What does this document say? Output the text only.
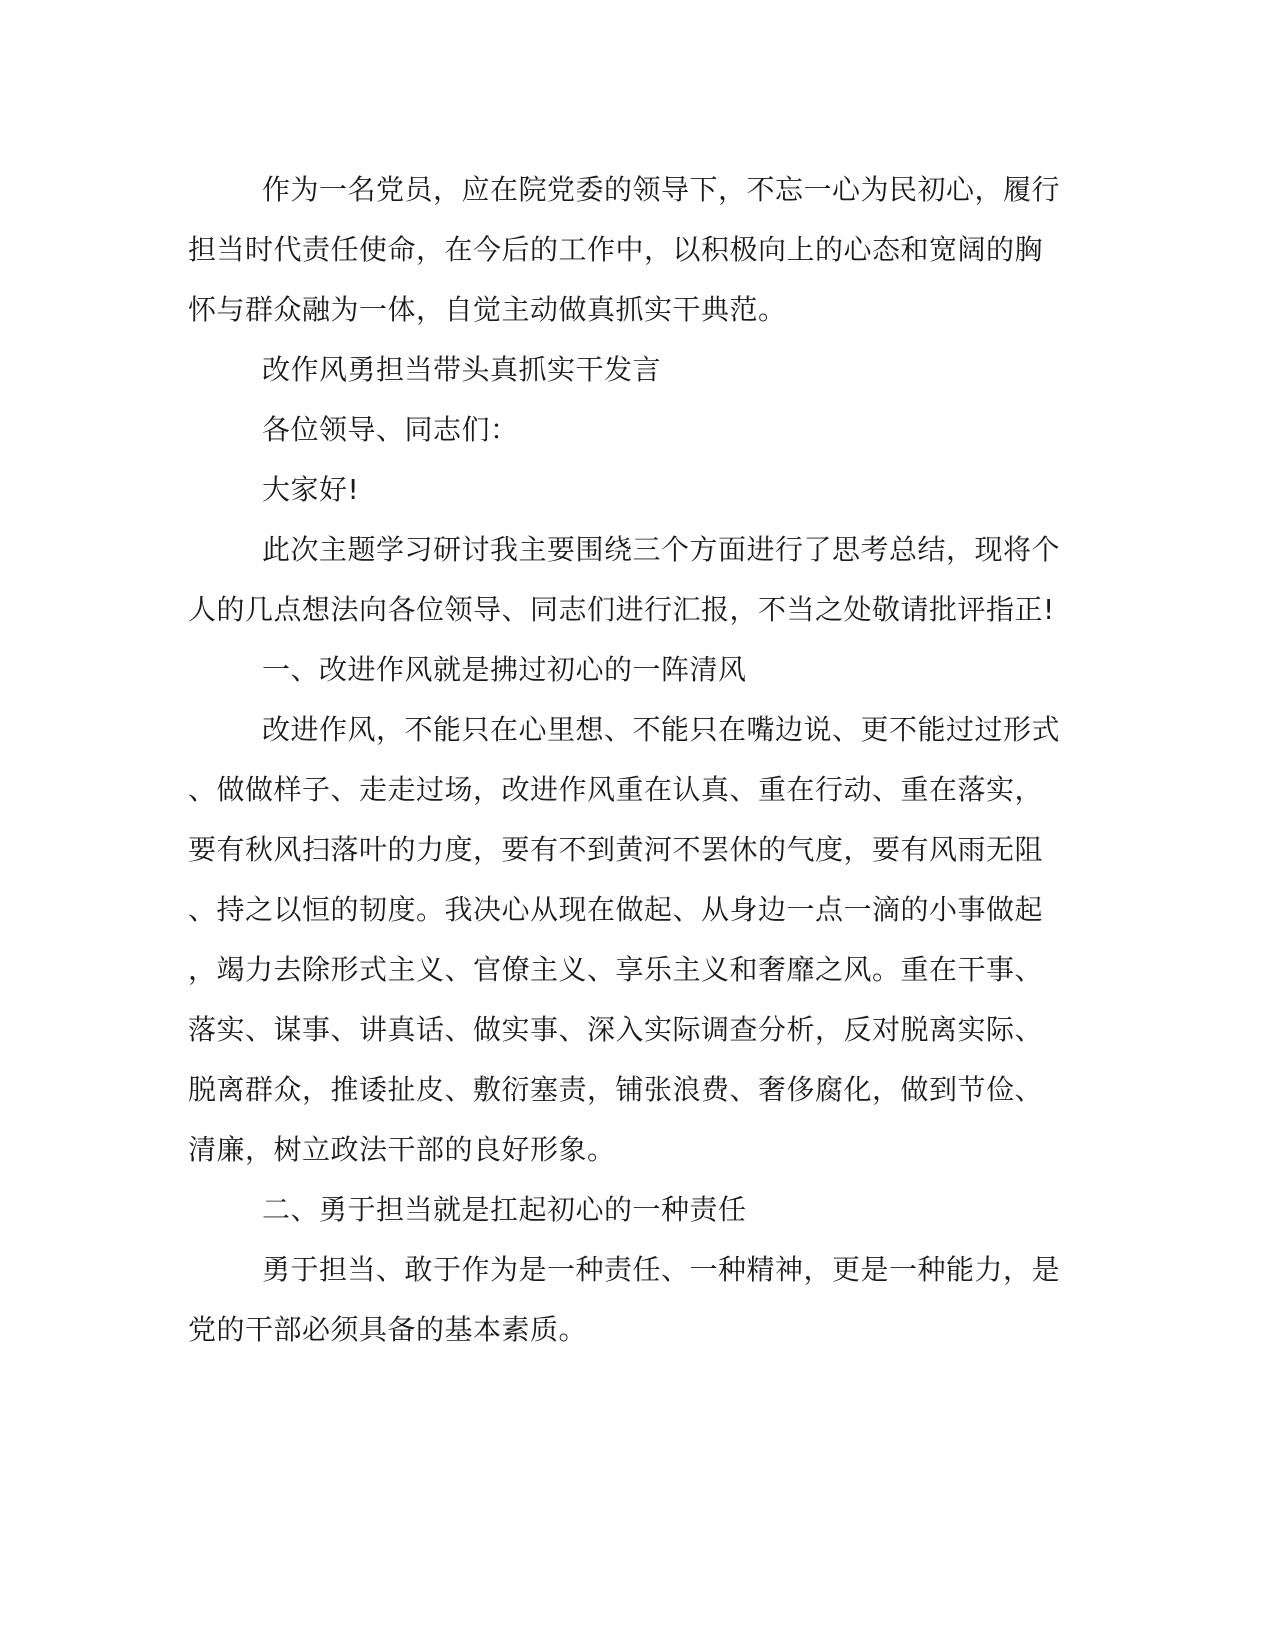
作为一名党员，应在院党委的领导下，不忘一心为民初心，履行
担当时代责任使命，在今后的工作中，以积极向上的心态和宽阔的胸
怀与群众融为一体，自觉主动做真抓实干典范。

改作风勇担当带头真抓实干发言

各位领导、同志们：

大家好!

此次主题学习研讨我主要围绕三个方面进行了思考总结，现将个
人的几点想法向各位领导、同志们进行汇报，不当之处敬请批评指正!

一、改进作风就是拂过初心的一阵清风

改进作风，不能只在心里想、不能只在嘴边说、更不能过过形式
、做做样子、走走过场，改进作风重在认真、重在行动、重在落实，
要有秋风扫落叶的力度，要有不到黄河不罢休的气度，要有风雨无阻
、持之以恒的韧度。我决心从现在做起、从身边一点一滴的小事做起
，竭力去除形式主义、官僚主义、享乐主义和奢靡之风。重在干事、
落实、谋事、讲真话、做实事、深入实际调查分析，反对脱离实际、
脱离群众，推诿扯皮、敷衍塞责，铺张浪费、奢侈腐化，做到节俭、
清廉，树立政法干部的良好形象。

二、勇于担当就是扛起初心的一种责任

勇于担当、敢于作为是一种责任、一种精神，更是一种能力，是
党的干部必须具备的基本素质。
